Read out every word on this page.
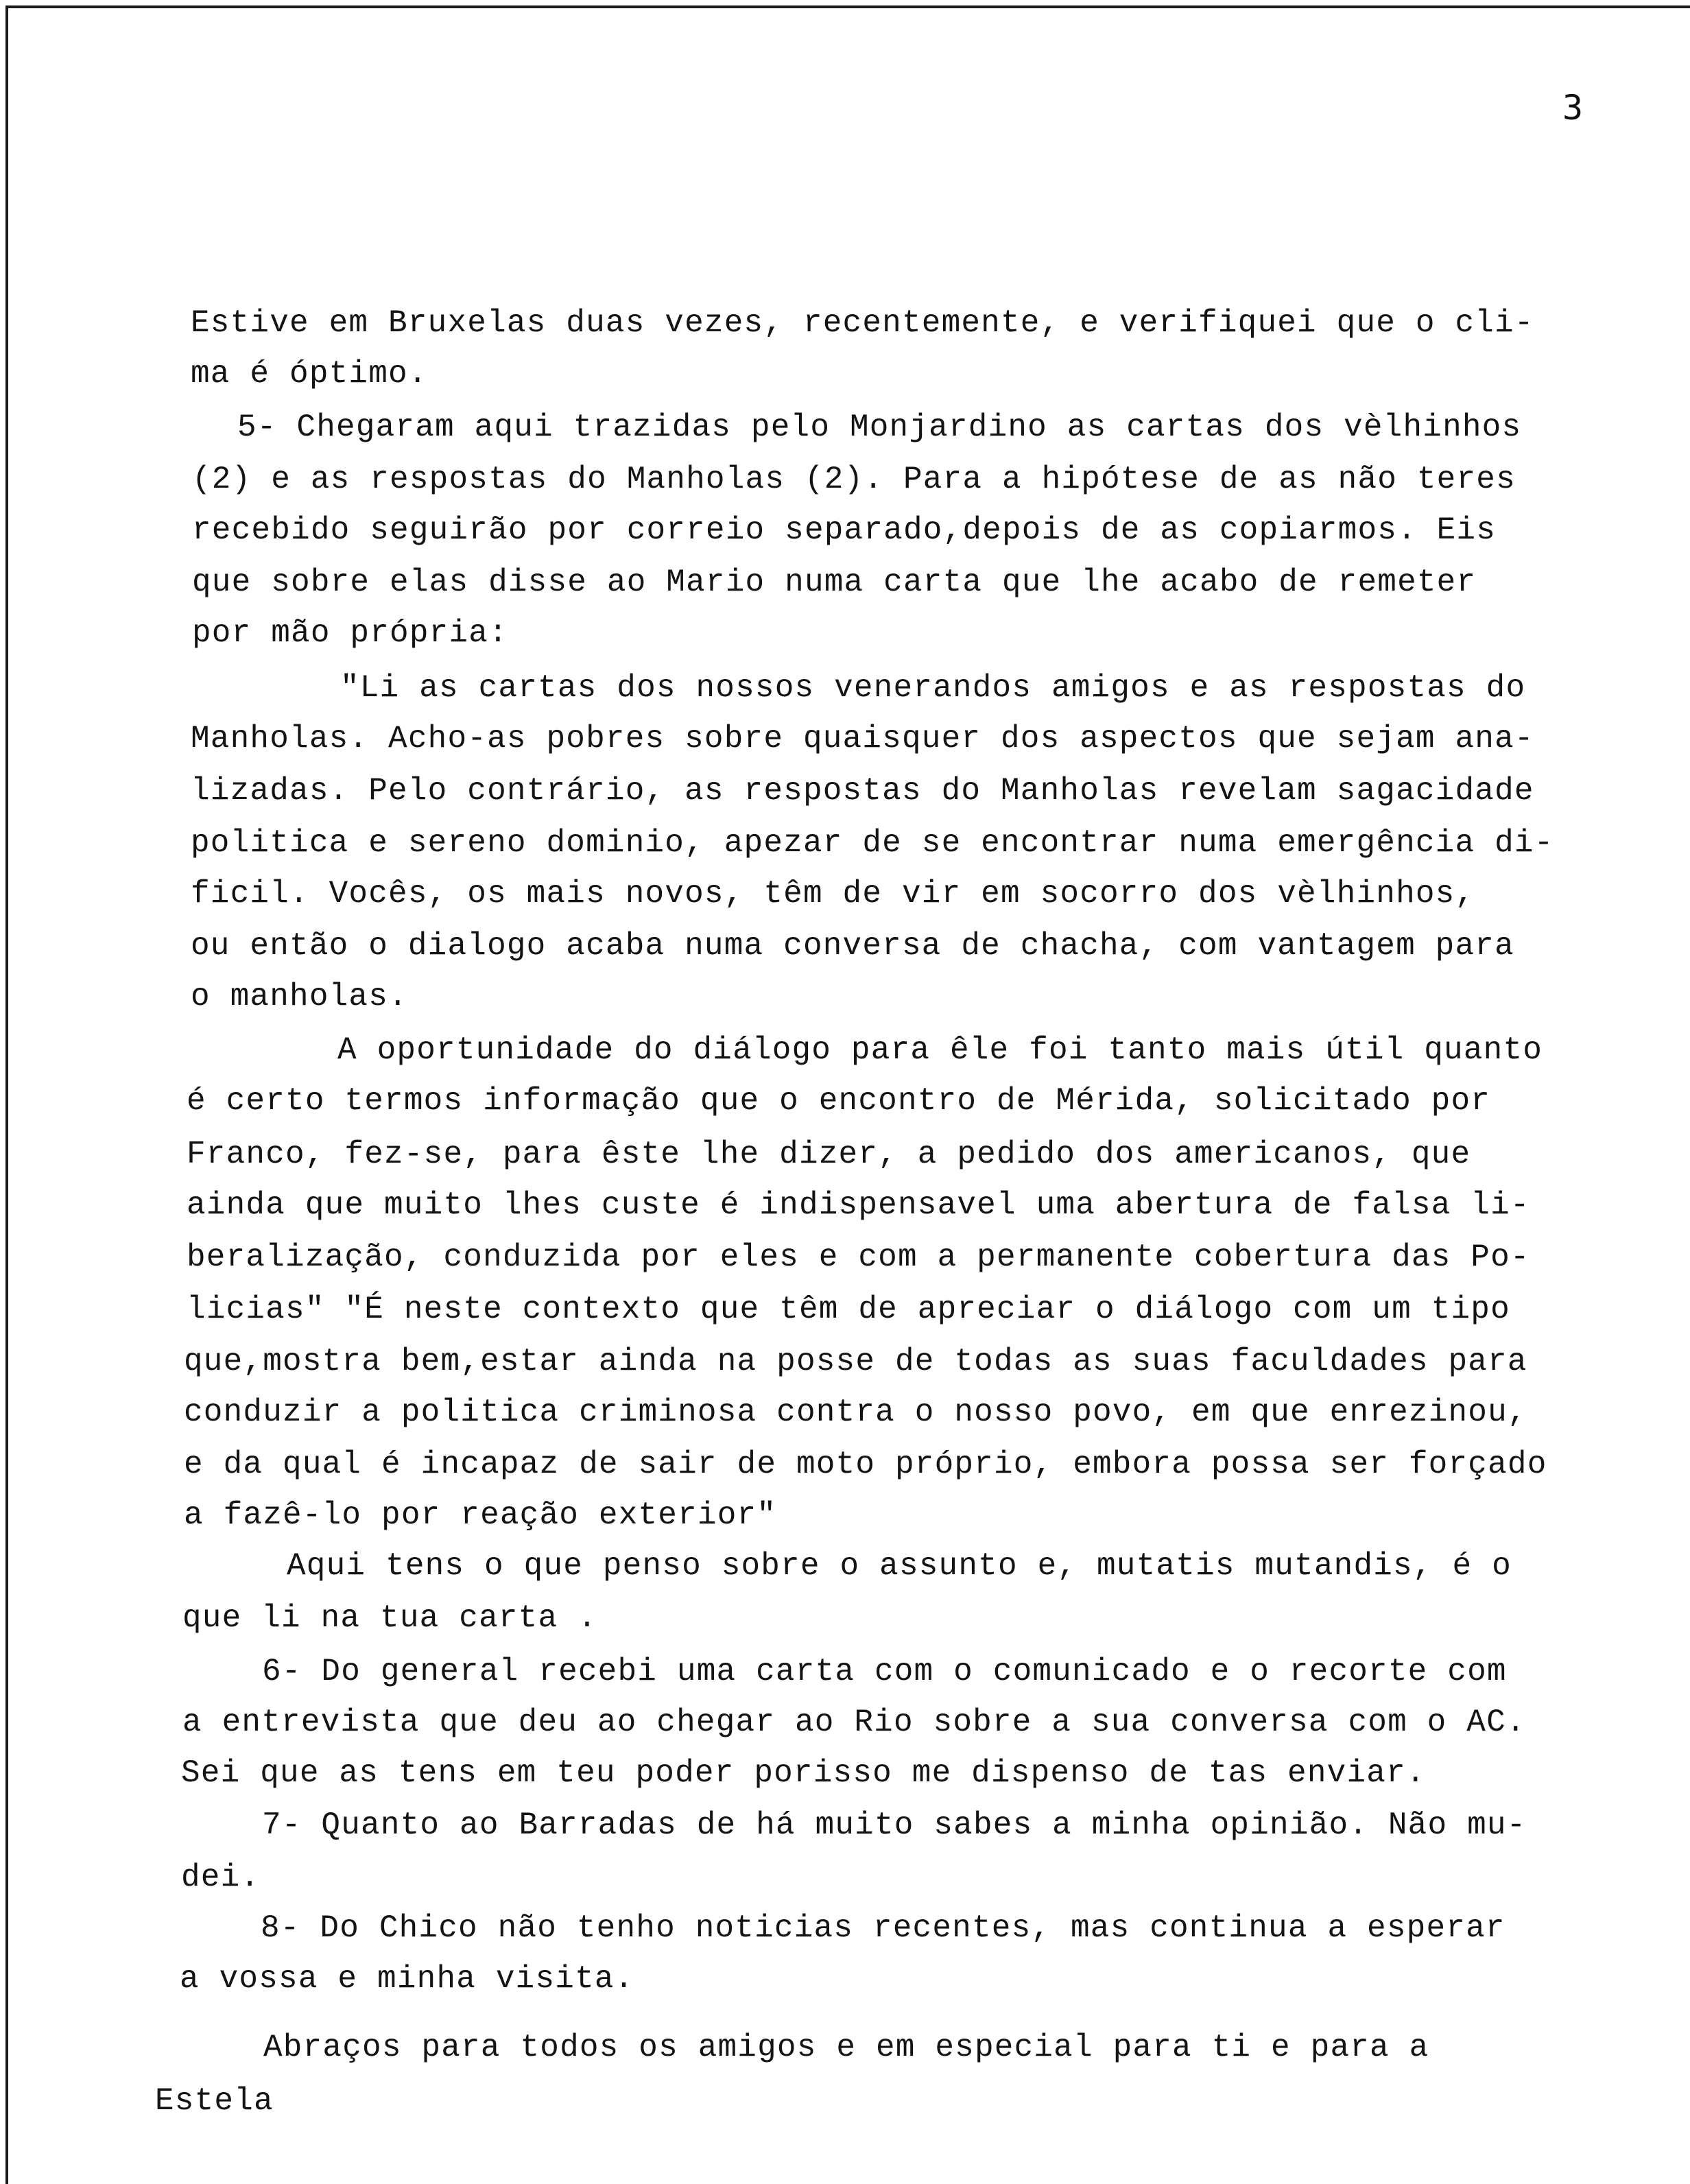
3

Estive em Bruxelas duas vezes, recentemente, e verifiquei que o cli-

ma é óptimo.

5- Chegaram aqui trazidas pelo Monjardino as cartas dos vèlhinhos

(2) e as respostas do Manholas (2). Para a hipótese de as não teres

recebido seguirão por correio separado,depois de as copiarmos. Eis

que sobre elas disse ao Mario numa carta que lhe acabo de remeter

por mão própria:

"Li as cartas dos nossos venerandos amigos e as respostas do

Manholas. Acho-as pobres sobre quaisquer dos aspectos que sejam ana-

lizadas. Pelo contrário, as respostas do Manholas revelam sagacidade

politica e sereno dominio, apezar de se encontrar numa emergência di-

ficil. Vocês, os mais novos, têm de vir em socorro dos vèlhinhos,

ou então o dialogo acaba numa conversa de chacha, com vantagem para

o manholas.

A oportunidade do diálogo para êle foi tanto mais útil quanto

é certo termos informação que o encontro de Mérida, solicitado por

Franco, fez-se, para êste lhe dizer, a pedido dos americanos, que

ainda que muito lhes custe é indispensavel uma abertura de falsa li-

beralização, conduzida por eles e com a permanente cobertura das Po-

licias" "É neste contexto que têm de apreciar o diálogo com um tipo

que,mostra bem,estar ainda na posse de todas as suas faculdades para

conduzir a politica criminosa contra o nosso povo, em que enrezinou,

e da qual é incapaz de sair de moto próprio, embora possa ser forçado

a fazê-lo por reação exterior"

Aqui tens o que penso sobre o assunto e, mutatis mutandis, é o

que li na tua carta .

6- Do general recebi uma carta com o comunicado e o recorte com

a entrevista que deu ao chegar ao Rio sobre a sua conversa com o AC.

Sei que as tens em teu poder porisso me dispenso de tas enviar.

7- Quanto ao Barradas de há muito sabes a minha opinião. Não mu-

dei.

8- Do Chico não tenho noticias recentes, mas continua a esperar

a vossa e minha visita.

Abraços para todos os amigos e em especial para ti e para a

Estela
